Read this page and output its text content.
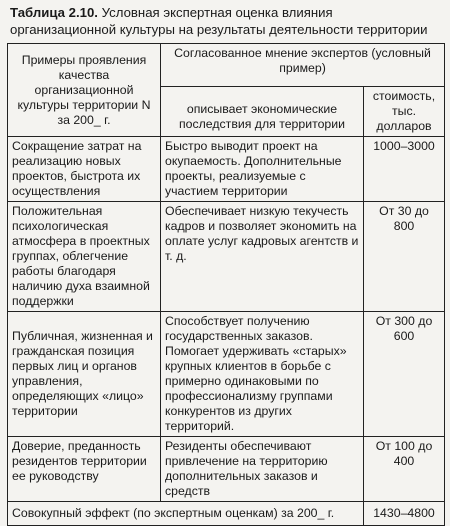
Таблица 2.10. Условная экспертная оценка влияния организационной культуры на результаты деятельности территории
Примеры проявления качества организационной культуры территории N за 200_ г.	Согласованное мнение экспертов (условный пример)	
	описывает экономические последствия для территории	стоимость, тыс. долларов
Сокращение затрат на реализацию новых проектов, быстрота их осуществления	Быстро выводит проект на окупаемость. Дополнительные проекты, реализуемые с участием территории	1000–3000
Положительная психологическая атмосфера в проектных группах, облегчение работы благодаря наличию духа взаимной поддержки	Обеспечивает низкую текучесть кадров и позволяет экономить на оплате услуг кадровых агентств и т. д.	От 30 до 800
Публичная, жизненная и гражданская позиция первых лиц и органов управления, определяющих «лицо» территории	Способствует получению государственных заказов. Помогает удерживать «старых» крупных клиентов в борьбе с примерно одинаковыми по профессионализму группами конкурентов из других территорий.	От 300 до 600
Доверие, преданность резидентов территории ее руководству	Резиденты обеспечивают привлечение на территорию дополнительных заказов и средств	От 100 до 400
Совокупный эффект (по экспертным оценкам) за 200_ г.		1430–4800
